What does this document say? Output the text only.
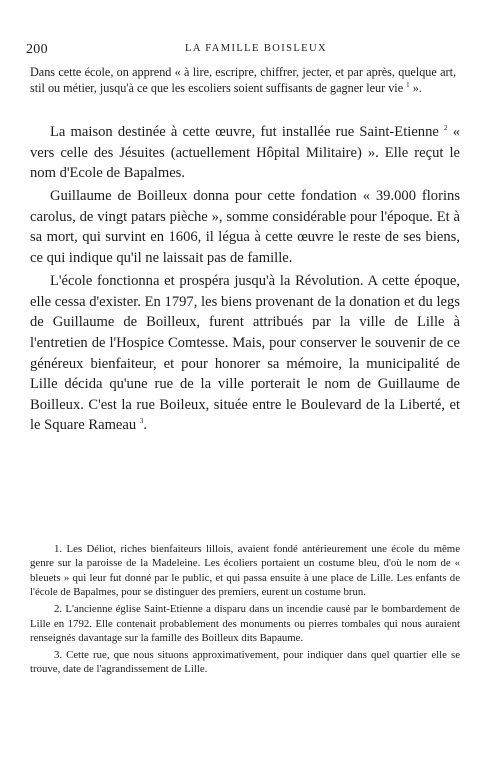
200	LA FAMILLE BOISLEUX

Dans cette école, on apprend « à lire, escripre, chiffrer, jecter, et par après, quelque art, stil ou métier, jusqu'à ce que les escoliers soient suffisants de gagner leur vie $^1$ ».

La maison destinée à cette œuvre, fut installée rue Saint-Etienne $^2$ « vers celle des Jésuites (actuellement Hôpital Militaire) ». Elle reçut le nom d'Ecole de Bapalmes.

Guillaume de Boilleux donna pour cette fondation « 39.000 florins carolus, de vingt patars pièche », somme considérable pour l'époque. Et à sa mort, qui survint en 1606, il légua à cette œuvre le reste de ses biens, ce qui indique qu'il ne laissait pas de famille.

L'école fonctionna et prospéra jusqu'à la Révolution. A cette époque, elle cessa d'exister. En 1797, les biens provenant de la donation et du legs de Guillaume de Boilleux, furent attribués par la ville de Lille à l'entretien de l'Hospice Comtesse. Mais, pour conserver le souvenir de ce généreux bienfaiteur, et pour honorer sa mémoire, la municipalité de Lille décida qu'une rue de la ville porterait le nom de Guillaume de Boilleux. C'est la rue Boileux, située entre le Boulevard de la Liberté, et le Square Rameau $^3$.

1. Les Déliot, riches bienfaiteurs lillois, avaient fondé antérieurement une école du même genre sur la paroisse de la Madeleine. Les écoliers portaient un costume bleu, d'où le nom de « bleuets » qui leur fut donné par le public, et qui passa ensuite à une place de Lille. Les enfants de l'école de Bapalmes, pour se distinguer des premiers, eurent un costume brun.

2. L'ancienne église Saint-Etienne a disparu dans un incendie causé par le bombardement de Lille en 1792. Elle contenait probablement des monuments ou pierres tombales qui nous auraient renseignés davantage sur la famille des Boilleux dits Bapaume.

3. Cette rue, que nous situons approximativement, pour indiquer dans quel quartier elle se trouve, date de l'agrandissement de Lille.
